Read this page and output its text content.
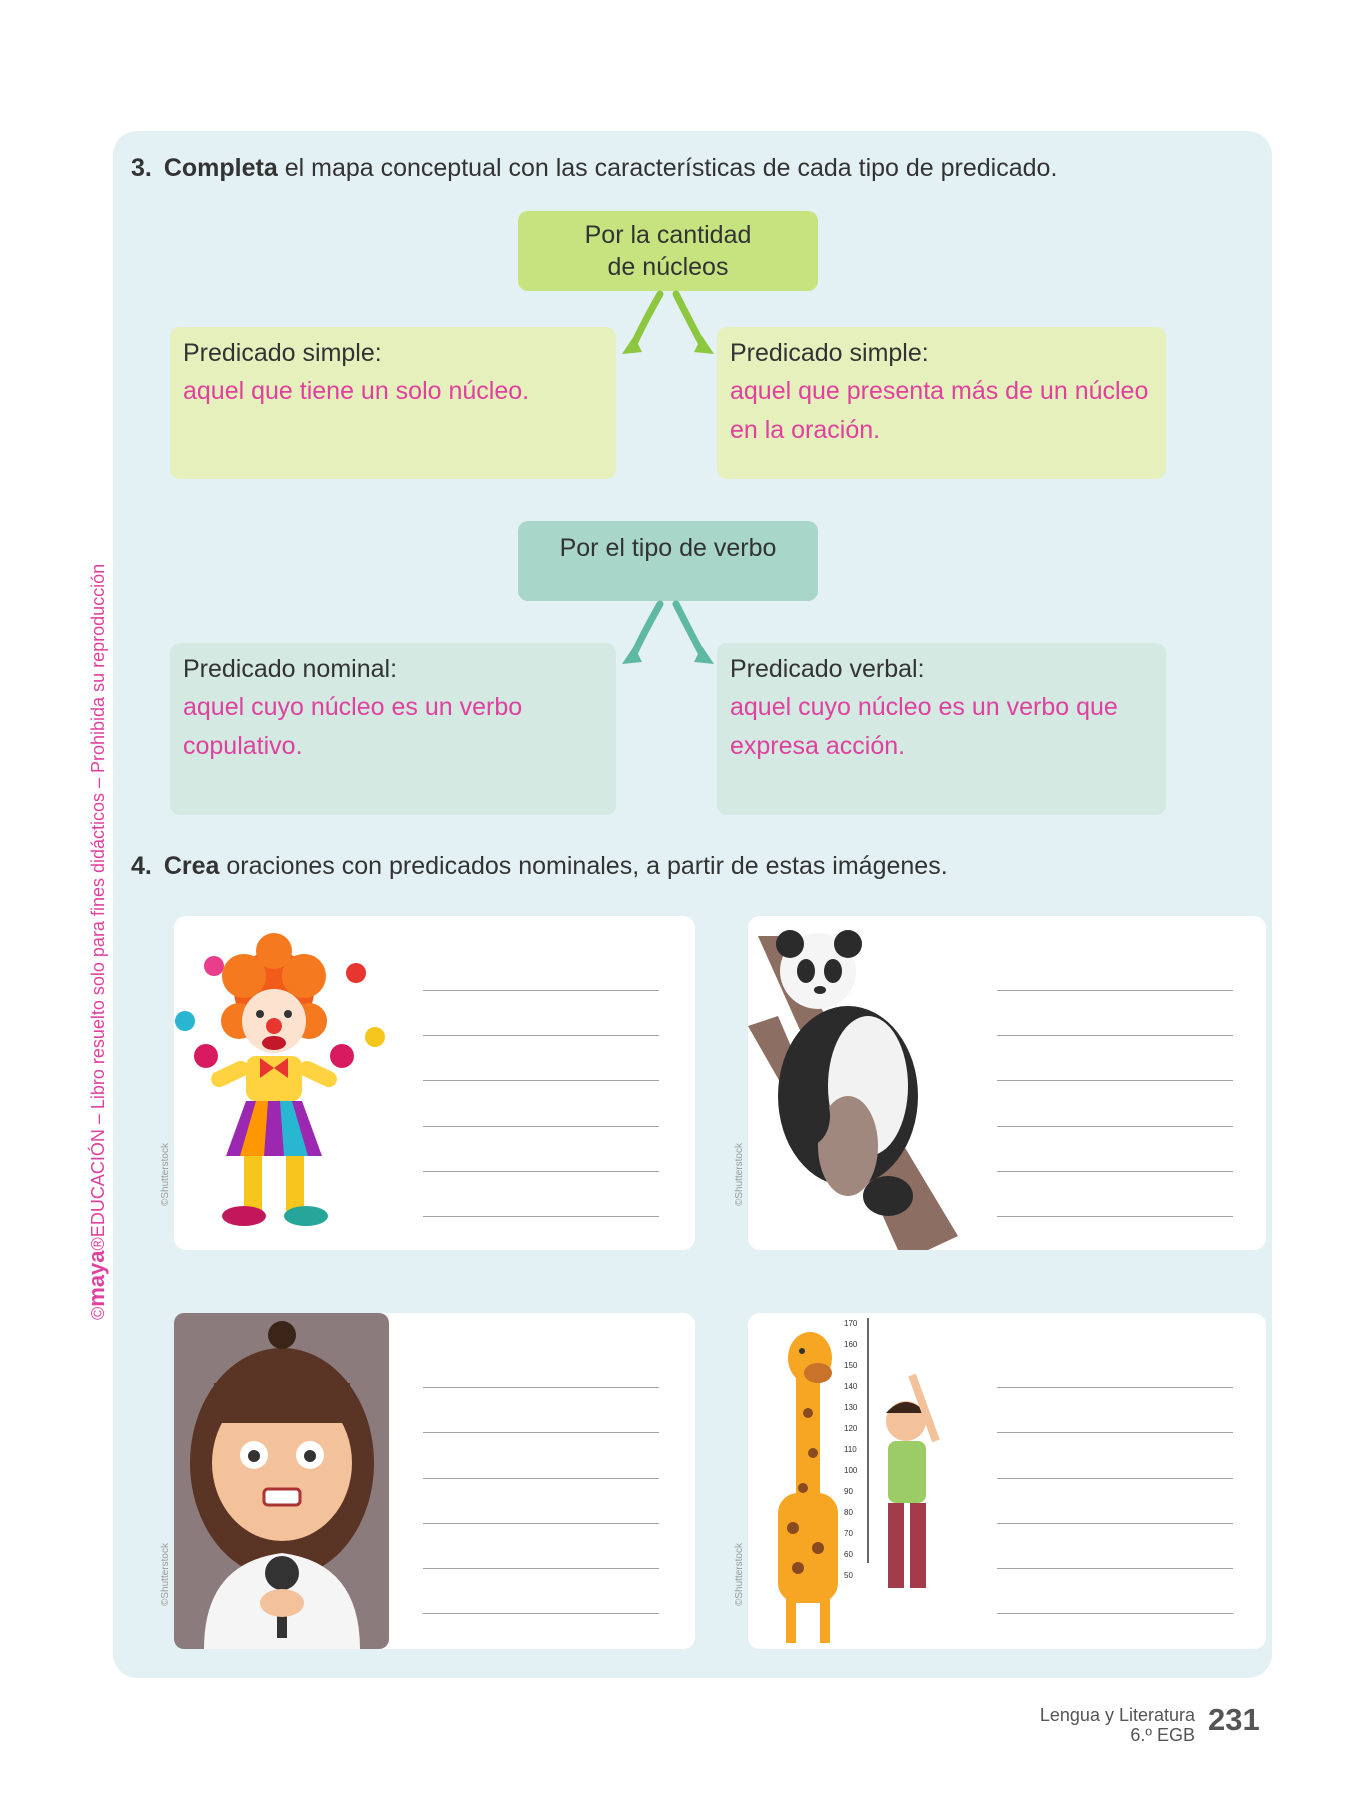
3. Completa el mapa conceptual con las características de cada tipo de predicado.
Por la cantidad de núcleos
Predicado simple:
aquel que tiene un solo núcleo.
Predicado simple:
aquel que presenta más de un núcleo en la oración.
Por el tipo de verbo
Predicado nominal:
aquel cuyo núcleo es un verbo copulativo.
Predicado verbal:
aquel cuyo núcleo es un verbo que expresa acción.
4. Crea oraciones con predicados nominales, a partir de estas imágenes.
©Shutterstock	©Shutterstock
©Shutterstock
170
160
150
140
130
120
110
100
90
80
70
60
50
©Shutterstock
©maya®EDUCACIÓN – Libro resuelto solo para fines didácticos – Prohibida su reproducción
Lengua y Literatura
6.º EGB 231
